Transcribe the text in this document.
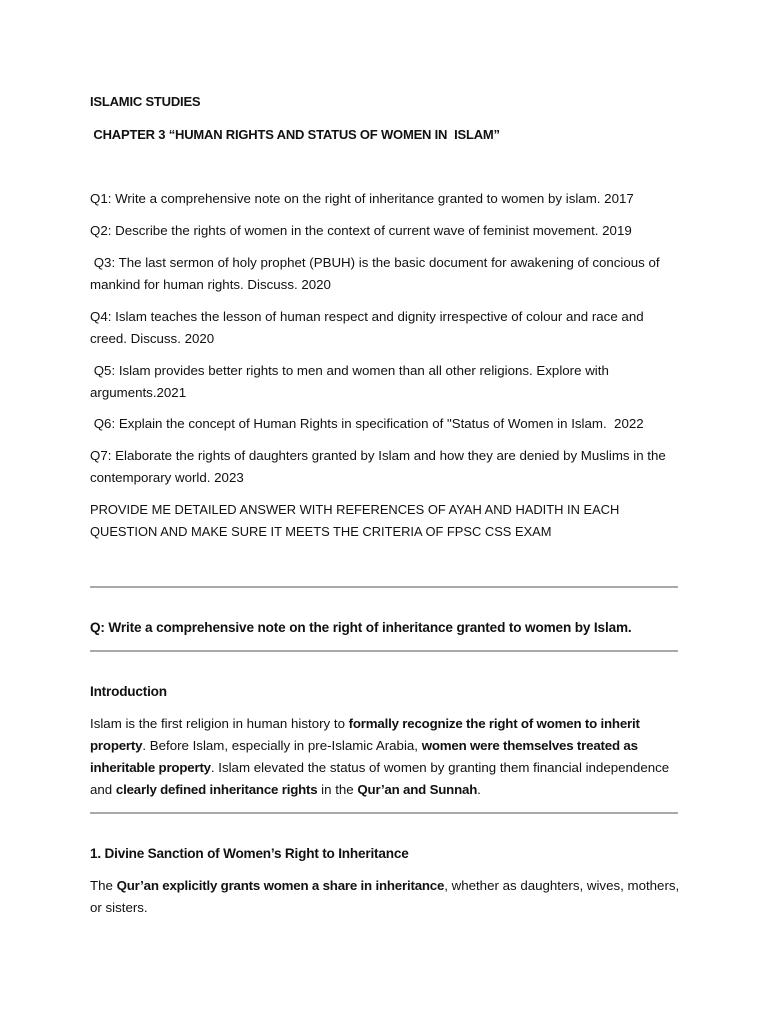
ISLAMIC STUDIES

CHAPTER 3 “HUMAN RIGHTS AND STATUS OF WOMEN IN  ISLAM”

Q1: Write a comprehensive note on the right of inheritance granted to women by islam. 2017

Q2: Describe the rights of women in the context of current wave of feminist movement. 2019

Q3: The last sermon of holy prophet (PBUH) is the basic document for awakening of concious of mankind for human rights. Discuss. 2020

Q4: Islam teaches the lesson of human respect and dignity irrespective of colour and race and creed. Discuss. 2020

Q5: Islam provides better rights to men and women than all other religions. Explore with arguments.2021

Q6: Explain the concept of Human Rights in specification of "Status of Women in Islam.  2022

Q7: Elaborate the rights of daughters granted by Islam and how they are denied by Muslims in the contemporary world. 2023

PROVIDE ME DETAILED ANSWER WITH REFERENCES OF AYAH AND HADITH IN EACH QUESTION AND MAKE SURE IT MEETS THE CRITERIA OF FPSC CSS EXAM

Q: Write a comprehensive note on the right of inheritance granted to women by Islam.

Introduction

Islam is the first religion in human history to formally recognize the right of women to inherit property. Before Islam, especially in pre-Islamic Arabia, women were themselves treated as inheritable property. Islam elevated the status of women by granting them financial independence and clearly defined inheritance rights in the Qur’an and Sunnah.

1. Divine Sanction of Women’s Right to Inheritance

The Qur’an explicitly grants women a share in inheritance, whether as daughters, wives, mothers, or sisters.
